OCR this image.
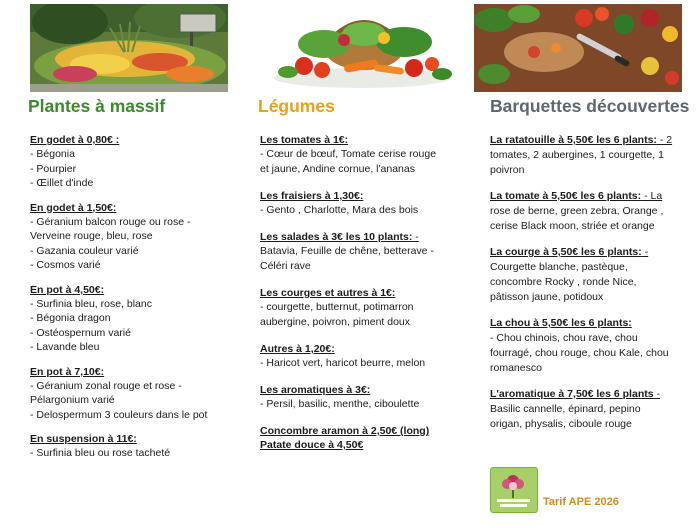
Plantes à massif
En godet à 0,80€ :
- Bégonia
- Pourpier
- Œillet d'inde
En godet à 1,50€:
- Géranium balcon rouge ou rose -
Verveine rouge, bleu, rose
- Gazania couleur varié
- Cosmos varié
En pot à 4,50€:
- Surfinia bleu, rose, blanc
- Bégonia dragon
- Ostéospernum varié
- Lavande bleu
En pot à 7,10€:
- Géranium zonal rouge et rose -
Pélargonium varié
- Delospermum 3 couleurs dans le pot
En suspension à 11€:
- Surfinia bleu ou rose tacheté
Légumes
Les tomates à 1€:
- Cœur de bœuf, Tomate cerise rouge
et jaune, Andine cornue, l'ananas
Les fraisiers à 1,30€:
- Gento , Charlotte, Mara des bois
Les salades à 3€ les 10 plants: -
Batavia, Feuille de chêne, betterave -
Céléri rave
Les courges et autres à 1€:
- courgette, butternut, potimarron
aubergine, poivron, piment doux
Autres à 1,20€:
- Haricot vert, haricot beurre, melon
Les aromatiques à 3€:
- Persil, basilic, menthe, ciboulette
Concombre aramon à 2,50€ (long)
Patate douce à 4,50€
Barquettes découvertes
La ratatouille à 5,50€ les 6 plants: - 2
tomates, 2 aubergines, 1 courgette, 1
poivron
La tomate à 5,50€ les 6 plants: - La
rose de berne, green zebra, Orange ,
cerise Black moon, striée et orange
La courge à 5,50€ les 6 plants: -
Courgette blanche, pastèque,
concombre Rocky , ronde Nice,
pâtisson jaune, potidoux
La chou à 5,50€ les 6 plants:
- Chou chinois, chou rave, chou
fourragé, chou rouge, chou Kale, chou
romanesco
L'aromatique à 7,50€ les 6 plants -
Basilic cannelle, épinard, pepino
origan, physalis, ciboule rouge
Tarif APE 2026
